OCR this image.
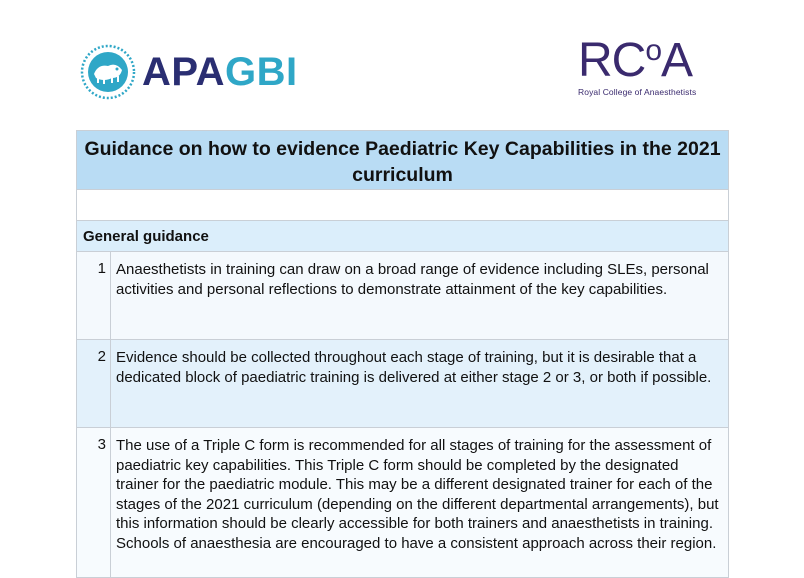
APAGBI	$RC^oA$
Royal College of Anaesthetists
Guidance on how to evidence Paediatric Key Capabilities in the 2021 curriculum	

General guidance	
1	Anaesthetists in training can draw on a broad range of evidence including SLEs, personal activities and personal reflections to demonstrate attainment of the key capabilities.
2	Evidence should be collected throughout each stage of training, but it is desirable that a dedicated block of paediatric training is delivered at either stage 2 or 3, or both if possible.
3	The use of a Triple C form is recommended for all stages of training for the assessment of paediatric key capabilities. This Triple C form should be completed by the designated trainer for the paediatric module. This may be a different designated trainer for each of the stages of the 2021 curriculum (depending on the different departmental arrangements), but this information should be clearly accessible for both trainers and anaesthetists in training. Schools of anaesthesia are encouraged to have a consistent approach across their region.
